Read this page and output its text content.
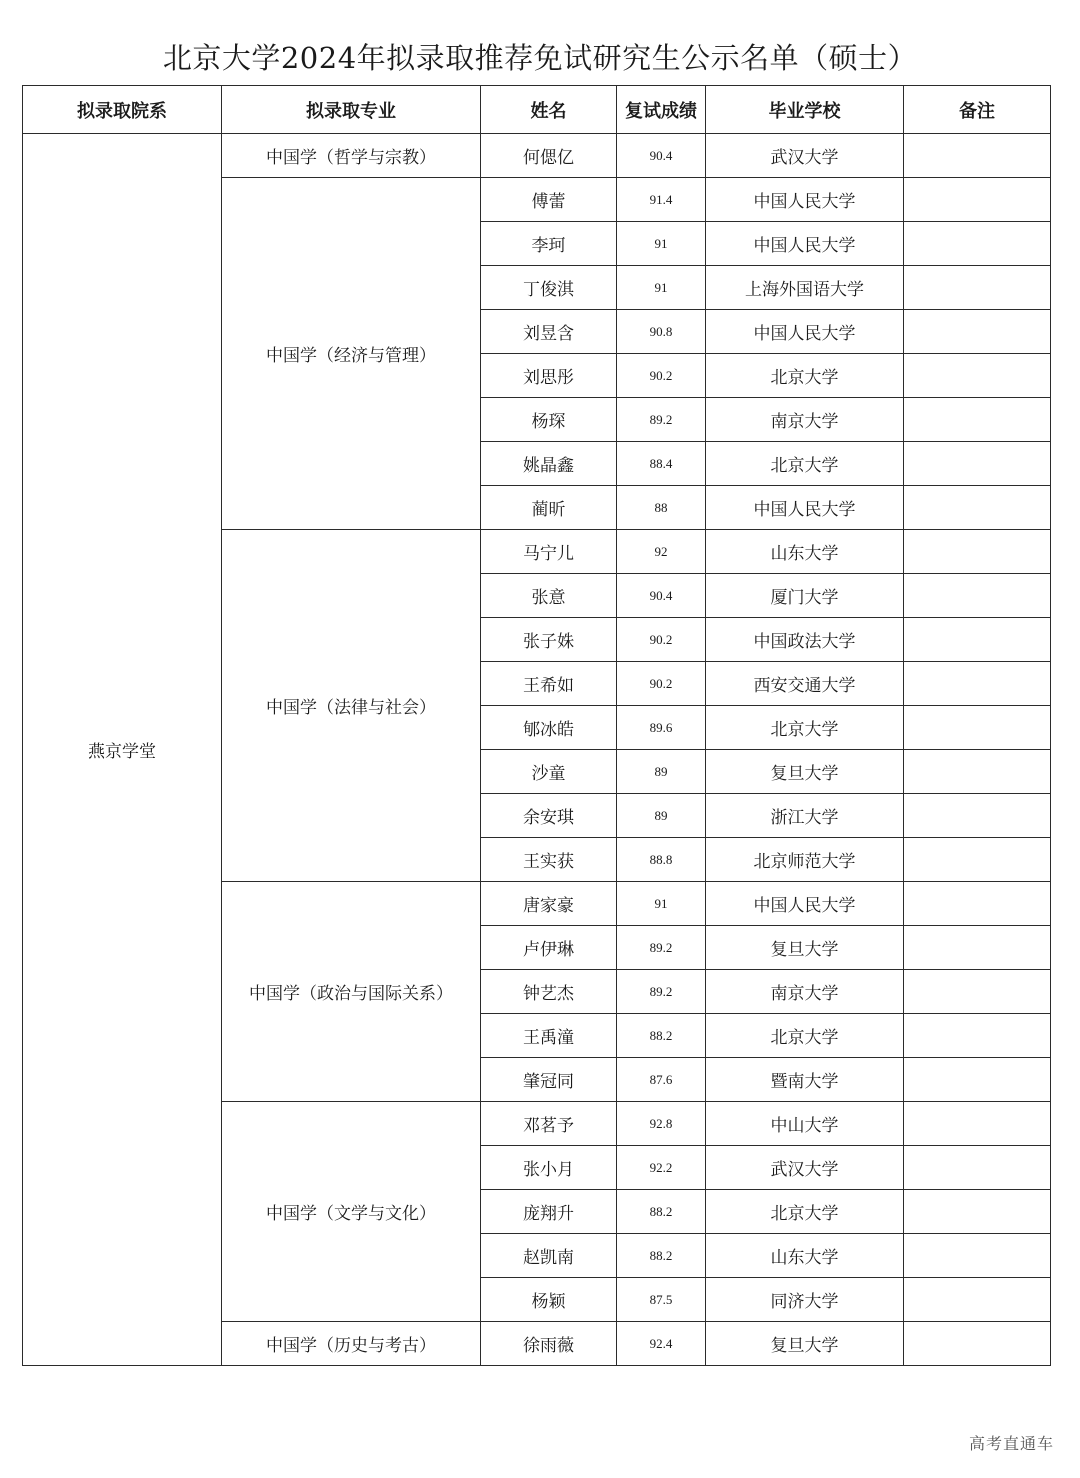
北京大学2024年拟录取推荐免试研究生公示名单（硕士）
拟录取院系	拟录取专业	姓名	复试成绩	毕业学校	备注
燕京学堂	中国学（哲学与宗教）	何偲亿	90.4	武汉大学	
	中国学（经济与管理）	傅蕾	91.4	中国人民大学	
		李珂	91	中国人民大学	
		丁俊淇	91	上海外国语大学	
		刘昱含	90.8	中国人民大学	
		刘思彤	90.2	北京大学	
		杨琛	89.2	南京大学	
		姚晶鑫	88.4	北京大学	
		蔺昕	88	中国人民大学	
	中国学（法律与社会）	马宁儿	92	山东大学	
		张意	90.4	厦门大学	
		张子姝	90.2	中国政法大学	
		王希如	90.2	西安交通大学	
		郇冰皓	89.6	北京大学	
		沙童	89	复旦大学	
		余安琪	89	浙江大学	
		王实获	88.8	北京师范大学	
	中国学（政治与国际关系）	唐家豪	91	中国人民大学	
		卢伊琳	89.2	复旦大学	
		钟艺杰	89.2	南京大学	
		王禹潼	88.2	北京大学	
		肇冠同	87.6	暨南大学	
	中国学（文学与文化）	邓茗予	92.8	中山大学	
		张小月	92.2	武汉大学	
		庞翔升	88.2	北京大学	
		赵凯南	88.2	山东大学	
		杨颖	87.5	同济大学	
	中国学（历史与考古）	徐雨薇	92.4	复旦大学	
高考直通车
